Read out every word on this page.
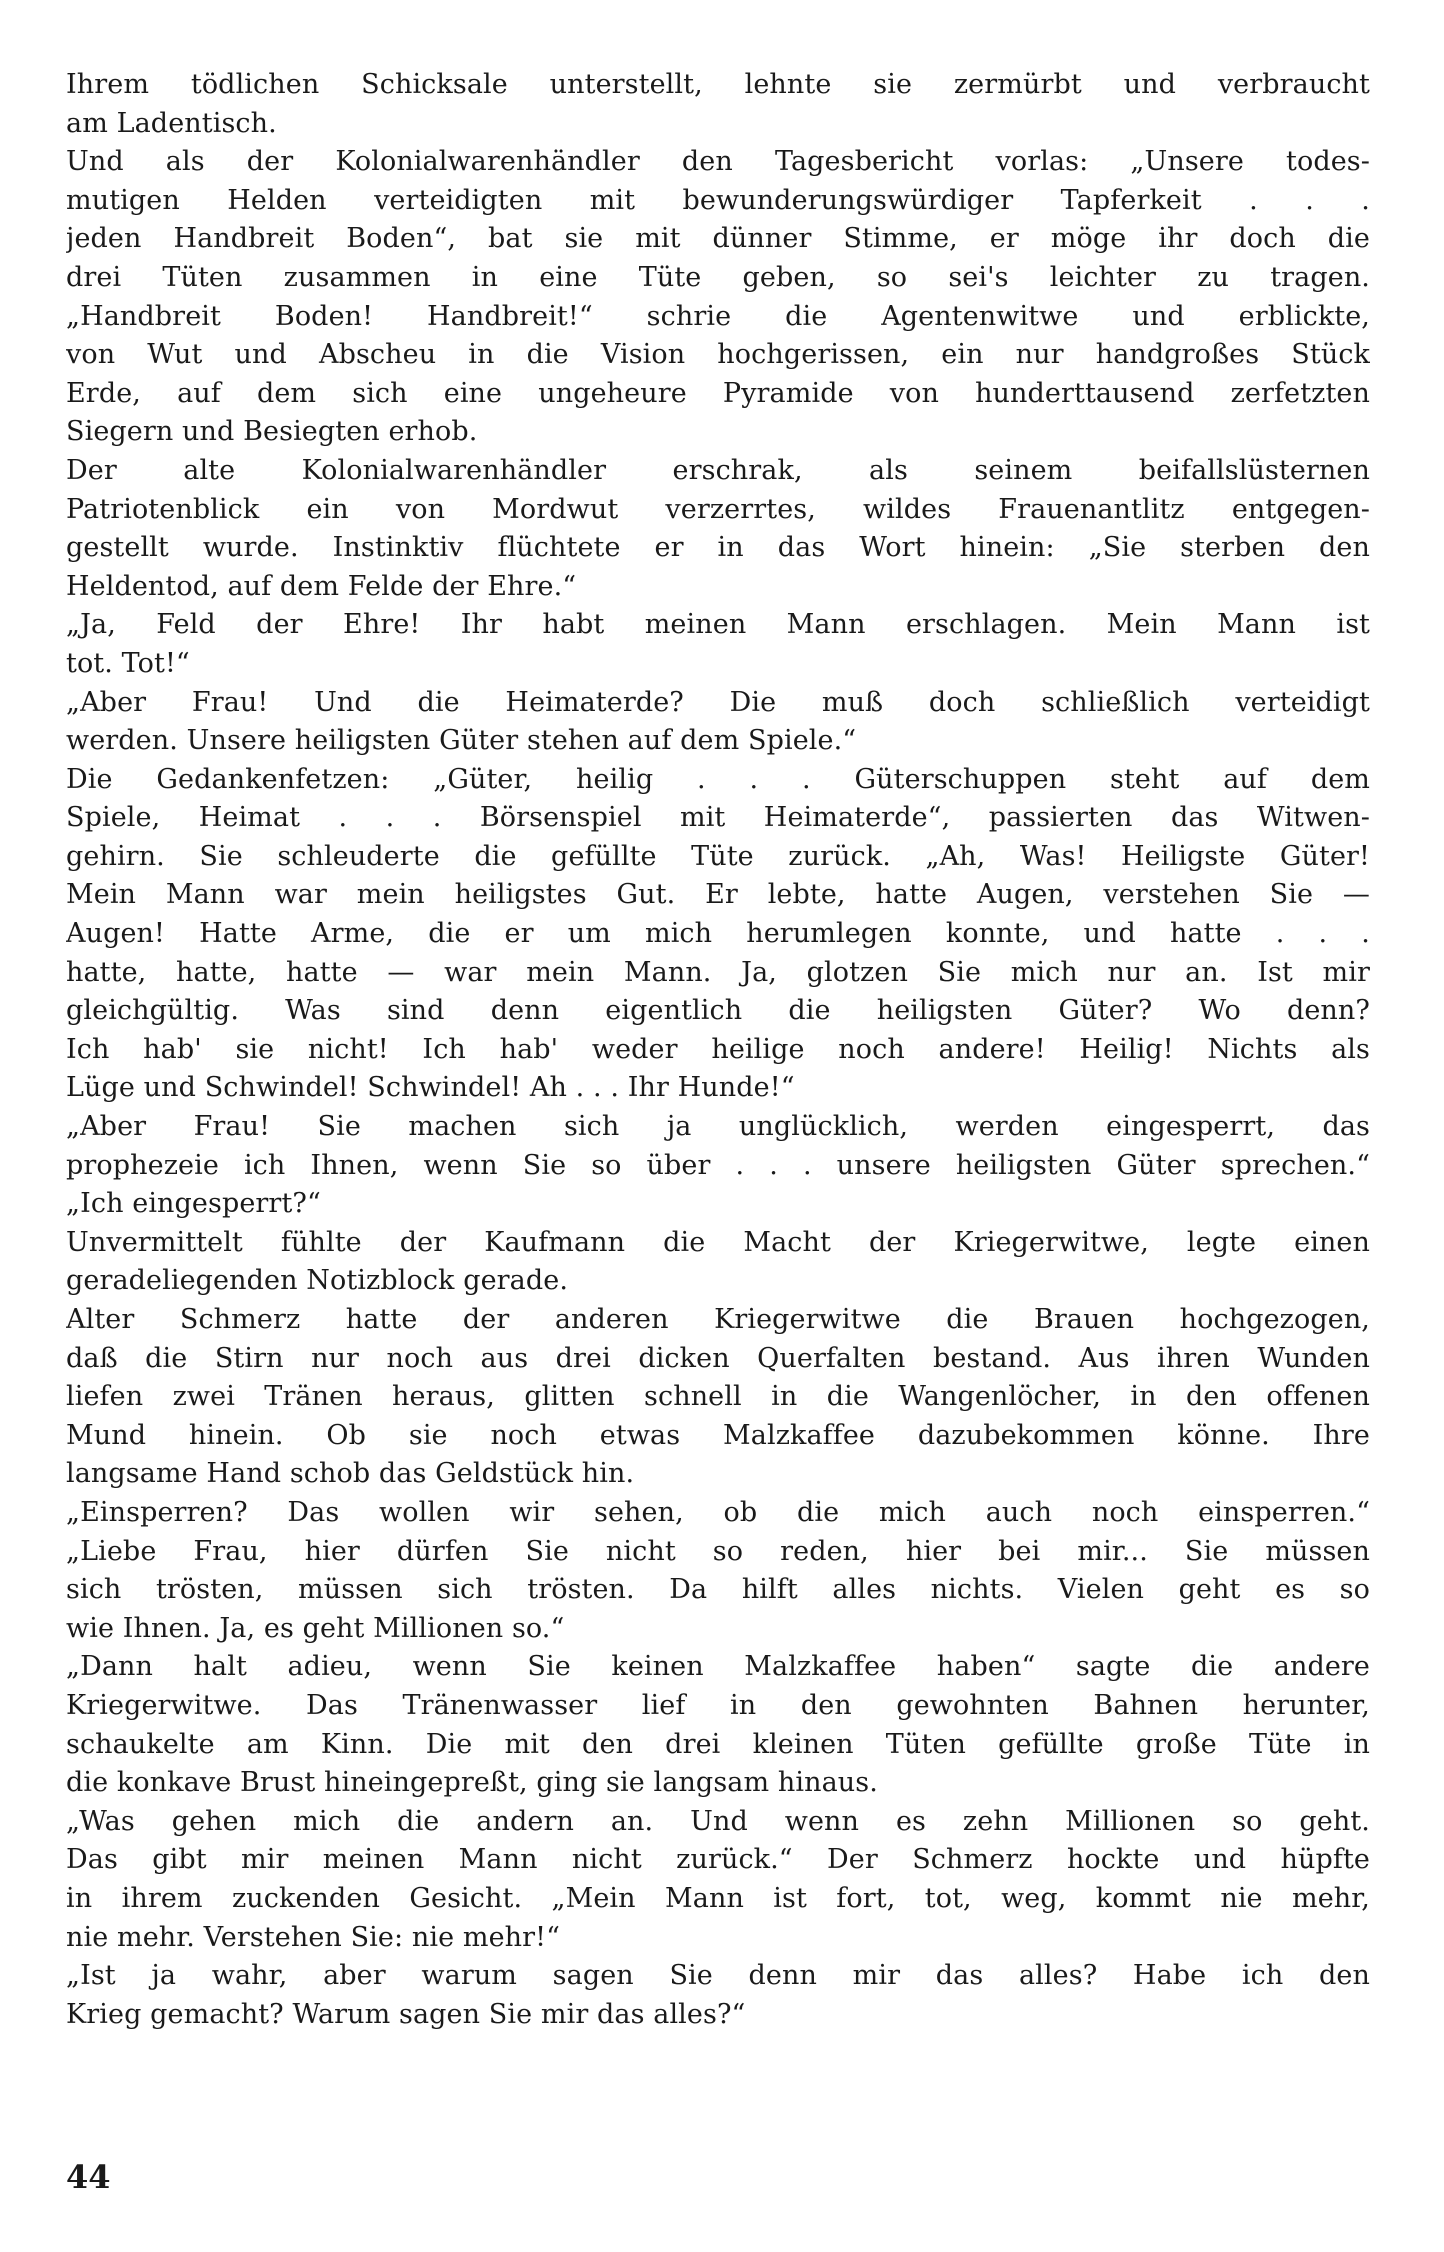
Ihrem tödlichen Schicksale unterstellt, lehnte sie zermürbt und verbraucht
am Ladentisch.
Und als der Kolonialwarenhändler den Tagesbericht vorlas: „Unsere todes-
mutigen Helden verteidigten mit bewunderungswürdiger Tapferkeit . . .
jeden Handbreit Boden“, bat sie mit dünner Stimme, er möge ihr doch die
drei Tüten zusammen in eine Tüte geben, so sei's leichter zu tragen.
„Handbreit Boden! Handbreit!“ schrie die Agentenwitwe und erblickte,
von Wut und Abscheu in die Vision hochgerissen, ein nur handgroßes Stück
Erde, auf dem sich eine ungeheure Pyramide von hunderttausend zerfetzten
Siegern und Besiegten erhob.
Der alte Kolonialwarenhändler erschrak, als seinem beifallslüsternen
Patriotenblick ein von Mordwut verzerrtes, wildes Frauenantlitz entgegen-
gestellt wurde. Instinktiv flüchtete er in das Wort hinein: „Sie sterben den
Heldentod, auf dem Felde der Ehre.“
„Ja, Feld der Ehre! Ihr habt meinen Mann erschlagen. Mein Mann ist
tot. Tot!“
„Aber Frau! Und die Heimaterde? Die muß doch schließlich verteidigt
werden. Unsere heiligsten Güter stehen auf dem Spiele.“
Die Gedankenfetzen: „Güter, heilig . . . Güterschuppen steht auf dem
Spiele, Heimat . . . Börsenspiel mit Heimaterde“, passierten das Witwen-
gehirn. Sie schleuderte die gefüllte Tüte zurück. „Ah, Was! Heiligste Güter!
Mein Mann war mein heiligstes Gut. Er lebte, hatte Augen, verstehen Sie —
Augen! Hatte Arme, die er um mich herumlegen konnte, und hatte . . .
hatte, hatte, hatte — war mein Mann. Ja, glotzen Sie mich nur an. Ist mir
gleichgültig. Was sind denn eigentlich die heiligsten Güter? Wo denn?
Ich hab' sie nicht! Ich hab' weder heilige noch andere! Heilig! Nichts als
Lüge und Schwindel! Schwindel! Ah . . . Ihr Hunde!“
„Aber Frau! Sie machen sich ja unglücklich, werden eingesperrt, das
prophezeie ich Ihnen, wenn Sie so über . . . unsere heiligsten Güter sprechen.“
„Ich eingesperrt?“
Unvermittelt fühlte der Kaufmann die Macht der Kriegerwitwe, legte einen
geradeliegenden Notizblock gerade.
Alter Schmerz hatte der anderen Kriegerwitwe die Brauen hochgezogen,
daß die Stirn nur noch aus drei dicken Querfalten bestand. Aus ihren Wunden
liefen zwei Tränen heraus, glitten schnell in die Wangenlöcher, in den offenen
Mund hinein. Ob sie noch etwas Malzkaffee dazubekommen könne. Ihre
langsame Hand schob das Geldstück hin.
„Einsperren? Das wollen wir sehen, ob die mich auch noch einsperren.“
„Liebe Frau, hier dürfen Sie nicht so reden, hier bei mir... Sie müssen
sich trösten, müssen sich trösten. Da hilft alles nichts. Vielen geht es so
wie Ihnen. Ja, es geht Millionen so.“
„Dann halt adieu, wenn Sie keinen Malzkaffee haben“ sagte die andere
Kriegerwitwe. Das Tränenwasser lief in den gewohnten Bahnen herunter,
schaukelte am Kinn. Die mit den drei kleinen Tüten gefüllte große Tüte in
die konkave Brust hineingepreßt, ging sie langsam hinaus.
„Was gehen mich die andern an. Und wenn es zehn Millionen so geht.
Das gibt mir meinen Mann nicht zurück.“ Der Schmerz hockte und hüpfte
in ihrem zuckenden Gesicht. „Mein Mann ist fort, tot, weg, kommt nie mehr,
nie mehr. Verstehen Sie: nie mehr!“
„Ist ja wahr, aber warum sagen Sie denn mir das alles? Habe ich den
Krieg gemacht? Warum sagen Sie mir das alles?“
44
